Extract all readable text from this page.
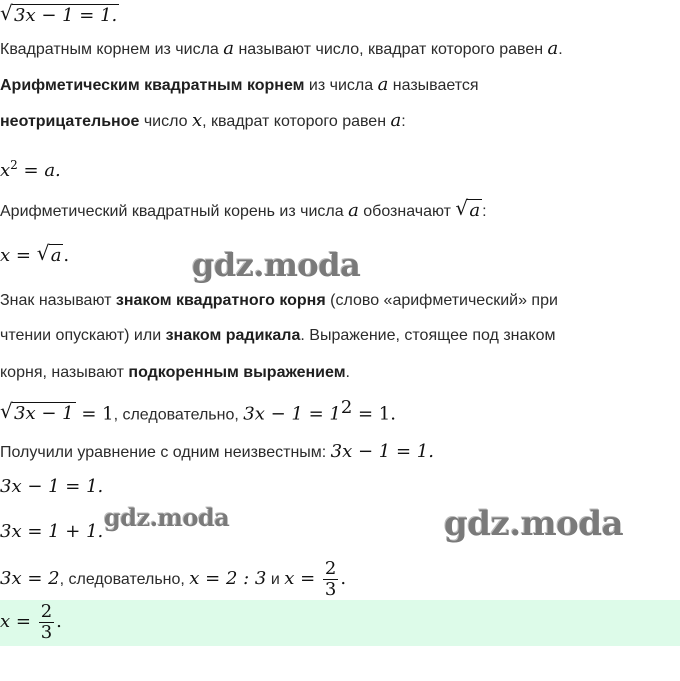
√ 3x − 1 = 1.
Квадратным корнем из числа a называют число, квадрат которого равен a.
Арифметическим квадратным корнем из числа a называется
неотрицательное число x, квадрат которого равен a:
$x^2 = a$.
Арифметический квадратный корень из числа a обозначают √ a :
x = √ a .
Знак называют знаком квадратного корня (слово «арифметический» при
чтении опускают) или знаком радикала. Выражение, стоящее под знаком
корня, называют подкоренным выражением.
√ 3x − 1 = 1, следовательно, $3x - 1 = 1^2 = 1$.
Получили уравнение с одним неизвестным: 3x − 1 = 1.
3x − 1 = 1.
3x = 1 + 1.
3x = 2, следовательно, x = 2 : 3 и $x = \frac{2}{3}$ .
$x = \frac{2}{3}$ .
gdz.moda
gdz.moda	gdz.moda
